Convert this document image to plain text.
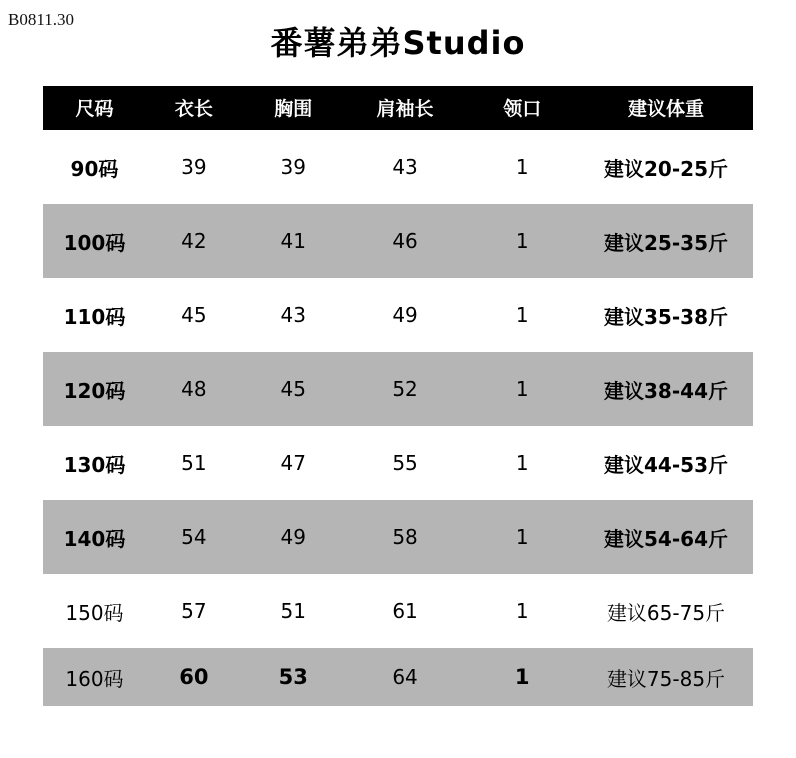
B0811.30
番薯弟弟Studio
尺码	衣长	胸围	肩袖长	领口	建议体重
90码	39	39	43	1	建议20-25斤
100码	42	41	46	1	建议25-35斤
110码	45	43	49	1	建议35-38斤
120码	48	45	52	1	建议38-44斤
130码	51	47	55	1	建议44-53斤
140码	54	49	58	1	建议54-64斤
150码	57	51	61	1	建议65-75斤
160码	60	53	64	1	建议75-85斤
